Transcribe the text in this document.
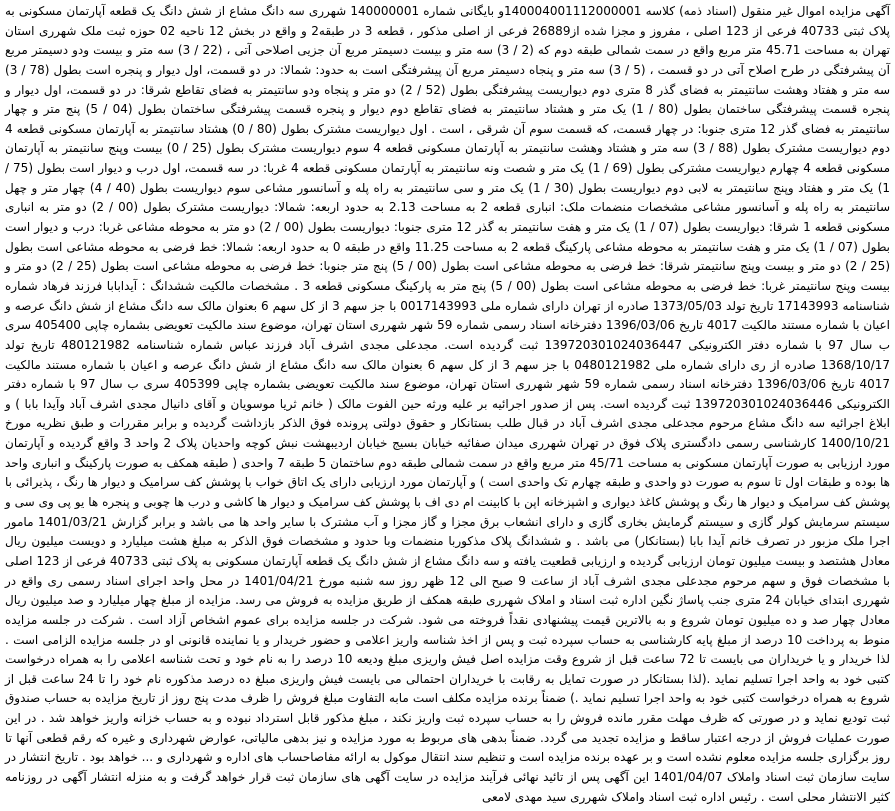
آگهی مزایده اموال غیر منقول (اسناد ذمه) کلاسه 140004001112000001و بایگانی شماره 140000001 شهرری سه دانگ مشاع از شش دانگ یک قطعه آپارتمان مسکونی به پلاک ثبتی 40733 فرعی از 123 اصلی ، مفروز و مجزا شده از26889 فرعی از اصلی مذکور ، قطعه 3 در طبقه2 و واقع در بخش 12 ناحیه 02 حوزه ثبت ملک شهرری استان تهران به مساحت 45.71 متر مربع واقع در سمت شمالی طبقه دوم که (2 / 3) سه متر و بیست دسیمتر مربع آن جزیی اصلاحی آتی ، (22 / 3) سه متر و بیست ودو دسیمتر مربع آن پیشرفتگی در طرح اصلاح آتی در دو قسمت ، (5 / 3) سه متر و پنجاه دسیمتر مربع آن پیشرفتگی است به حدود: شمالا: در دو قسمت، اول دیوار و پنجره است بطول (78 / 3) سه متر و هفتاد وهشت سانتیمتر به فضای گذر 8 متری دوم دیواریست پیشرفتگی بطول (52 / 2) دو متر و پنجاه ودو سانتیمتر به فضای تقاطع شرقا: در دو قسمت، اول دیوار و پنجره قسمت پیشرفتگی ساختمان بطول (80 / 1) یک متر و هشتاد سانتیمتر به فضای تقاطع دوم دیوار و پنجره قسمت پیشرفتگی ساختمان بطول (04 / 5) پنج متر و چهار سانتیمتر به فضای گذر 12 متری جنوبا: در چهار قسمت، که قسمت سوم آن شرقی ، است . اول دیواریست مشترک بطول (80 / 0) هشتاد سانتیمتر به آپارتمان مسکونی قطعه 4 دوم دیواریست مشترک بطول (88 / 3) سه متر و هشتاد وهشت سانتیمتر به آپارتمان مسکونی قطعه 4 سوم دیواریست مشترک بطول (25 / 0) بیست وپنج سانتیمتر به آپارتمان مسکونی قطعه 4 چهارم دیواریست مشترکی بطول (69 / 1) یک متر و شصت ونه سانتیمتر به آپارتمان مسکونی قطعه 4 غربا: در سه قسمت، اول درب و دیوار است بطول (75 / 1) یک متر و هفتاد وپنج سانتیمتر به لابی دوم دیواریست بطول (30 / 1) یک متر و سی سانتیمتر به راه پله و آسانسور مشاعی سوم دیواریست بطول (40 / 4) چهار متر و چهل سانتیمتر به راه پله و آسانسور مشاعی مشخصات منضمات ملک: انباری قطعه 2 به مساحت 2.13 به حدود اربعه: شمالا: دیواریست مشترک بطول (00 / 2) دو متر به انباری مسکونی قطعه 1 شرقا: دیواریست بطول (07 / 1) یک متر و هفت سانتیمتر به گذر 12 متری جنوبا: دیواریست بطول (00 / 2) دو متر به محوطه مشاعی غربا: درب و دیوار است بطول (07 / 1) یک متر و هفت سانتیمتر به محوطه مشاعی پارکینگ قطعه 2 به مساحت 11.25 واقع در طبقه 0 به حدود اربعه: شمالا: خط فرضی به محوطه مشاعی است بطول (25 / 2) دو متر و بیست وپنج سانتیمتر شرقا: خط فرضی به محوطه مشاعی است بطول (00 / 5) پنج متر جنوبا: خط فرضی به محوطه مشاعی است بطول (25 / 2) دو متر و بیست وپنج سانتیمتر غربا: خط فرضی به محوطه مشاعی است بطول (00 / 5) پنج متر به پارکینگ مسکونی قطعه 3 . مشخصات مالکیت ششدانگ : آیدابابا فرزند فرهاد شماره شناسنامه 17143993 تاریخ تولد 1373/05/03 صادره از تهران دارای شماره ملی 0017143993 با جز سهم 3 از کل سهم 6 بعنوان مالک سه دانگ مشاع از شش دانگ عرصه و اعیان با شماره مستند مالکیت 4017 تاریخ 1396/03/06 دفترخانه اسناد رسمی شماره 59 شهر شهرری استان تهران، موضوع سند مالکیت تعویضی بشماره چاپی 405400 سری ب سال 97 با شماره دفتر الکترونیکی 139720301024036447 ثبت گردیده است. مجدعلی مجدی اشرف آباد فرزند عباس شماره شناسنامه 480121982 تاریخ تولد 1368/10/17 صادره از ری دارای شماره ملی 0480121982 با جز سهم 3 از کل سهم 6 بعنوان مالک سه دانگ مشاع از شش دانگ عرصه و اعیان با شماره مستند مالکیت 4017 تاریخ 1396/03/06 دفترخانه اسناد رسمی شماره 59 شهر شهرری استان تهران، موضوع سند مالکیت تعویضی بشماره چاپی 405399 سری ب سال 97 با شماره دفتر الکترونیکی 139720301024036446 ثبت گردیده است. پس از صدور اجرائیه بر علیه ورثه حین الفوت مالک ( خانم ثریا موسویان و آقای دانیال مجدی اشرف آباد وآیدا بابا ) و ابلاغ اجرائیه سه دانگ مشاع مرحوم مجدعلی مجدی اشرف آباد در قبال طلب بستانکار و حقوق دولتی پرونده فوق الذکر بازداشت گردیده و برابر مقررات و طبق نظریه مورخ 1400/10/21 کارشناسی رسمی دادگستری پلاک فوق در تهران شهرری میدان صفائیه خیابان بسیج خیابان اردیبهشت نبش کوچه واحدیان پلاک 2 واحد 3 واقع گردیده و آپارتمان مورد ارزیابی به صورت آپارتمان مسکونی به مساحت 45/71 متر مربع واقع در سمت شمالی طبقه دوم ساختمان 5 طبقه 7 واحدی ( طبقه همکف به صورت پارکینگ و انباری واحد ها بوده و طبقات اول تا سوم به صورت دو واحدی و طبقه چهارم تک واحدی است ) و آپارتمان مورد ارزیابی دارای یک اتاق خواب با پوشش کف سرامیک و دیوار ها رنگ ، پذیرائی با پوشش کف سرامیک و دیوار ها رنگ و پوشش کاغذ دیواری و اشپزخانه اپن با کابینت ام دی اف با پوشش کف سرامیک و دیوار ها کاشی و درب ها چوبی و پنجره ها یو پی وی سی و سیستم سرمایش کولر گازی و سیستم گرمایش بخاری گازی و دارای انشعاب برق مجزا و گاز مجزا و آب مشترک با سایر واحد ها می باشد و برابر گزارش 1401/03/21 مامور اجرا ملک مزبور در تصرف خانم آیدا بابا (بستانکار) می باشد . و ششدانگ پلاک مذکوربا منضمات وبا حدود و مشخصات فوق الذکر به مبلغ هشت میلیارد و دویست میلیون ریال معادل هشتصد و بیست میلیون تومان ارزیابی گردیده و ارزیابی قطعیت یافته و سه دانگ مشاع از شش دانگ یک قطعه آپارتمان مسکونی به پلاک ثبتی 40733 فرعی از 123 اصلی با مشخصات فوق و سهم مرحوم مجدعلی مجدی اشرف آباد از ساعت 9 صبح الی 12 ظهر روز سه شنبه مورخ 1401/04/21 در محل واحد اجرای اسناد رسمی ری واقع در شهرری ابتدای خیابان 24 متری جنب پاساژ نگین اداره ثبت اسناد و املاک شهرری طبقه همکف از طریق مزایده به فروش می رسد. مزایده از مبلغ چهار میلیارد و صد میلیون ریال معادل چهار صد و ده میلیون تومان شروع و به بالاترین قیمت پیشنهادی نقداً فروخته می شود. شرکت در جلسه مزایده برای عموم اشخاص آزاد است . شرکت در جلسه مزایده منوط به پرداخت 10 درصد از مبلغ پایه کارشناسی به حساب سپرده ثبت و پس از اخذ شناسه واریز اعلامی و حضور خریدار و یا نماینده قانونی او در جلسه مزایده الزامی است . لذا خریدار و یا خریداران می بایست تا 72 ساعت قبل از شروع وقت مزایده اصل فیش واریزی مبلغ ودیعه 10 درصد را به نام خود و تحت شناسه اعلامی را به همراه درخواست کتبی خود به واحد اجرا تسلیم نماید .(لذا بستانکار در صورت تمایل به رقابت با خریداران احتمالی می بایست فیش واریزی مبلغ ده درصد مذکوره نام خود را تا 24 ساعت قبل از شروع به همراه درخواست کتبی خود به واحد اجرا تسلیم نماید .) ضمناً برنده مزایده مکلف است مابه التفاوت مبلغ فروش را ظرف مدت پنج روز از تاریخ مزایده به حساب صندوق ثبت تودیع نماید و در صورتی که ظرف مهلت مقرر مانده فروش را به حساب سپرده ثبت واریز نکند ، مبلغ مذکور قابل استرداد نبوده و به حساب خزانه واریز خواهد شد . در این صورت عملیات فروش از درجه اعتبار ساقط و مزایده تجدید می گردد. ضمناً بدهی های مربوط به مورد مزایده و نیز بدهی مالیاتی، عوارض شهرداری و غیره که رقم قطعی آنها تا روز برگزاری جلسه مزایده معلوم نشده است و بر عهده برنده مزایده است و تنظیم سند انتقال موکول به ارائه مفاصاحساب های اداره و شهرداری و ... خواهد بود . تاریخ انتشار در سایت سازمان ثبت اسناد واملاک 1401/04/07 این آگهی پس از تائید نهائی فرآیند مزایده در سایت آگهی های سازمان ثبت قرار خواهد گرفت و به منزله انتشار آگهی در روزنامه کثیر الانتشار محلی است . رئیس اداره ثبت اسناد واملاک شهرری سید مهدی لامعی
